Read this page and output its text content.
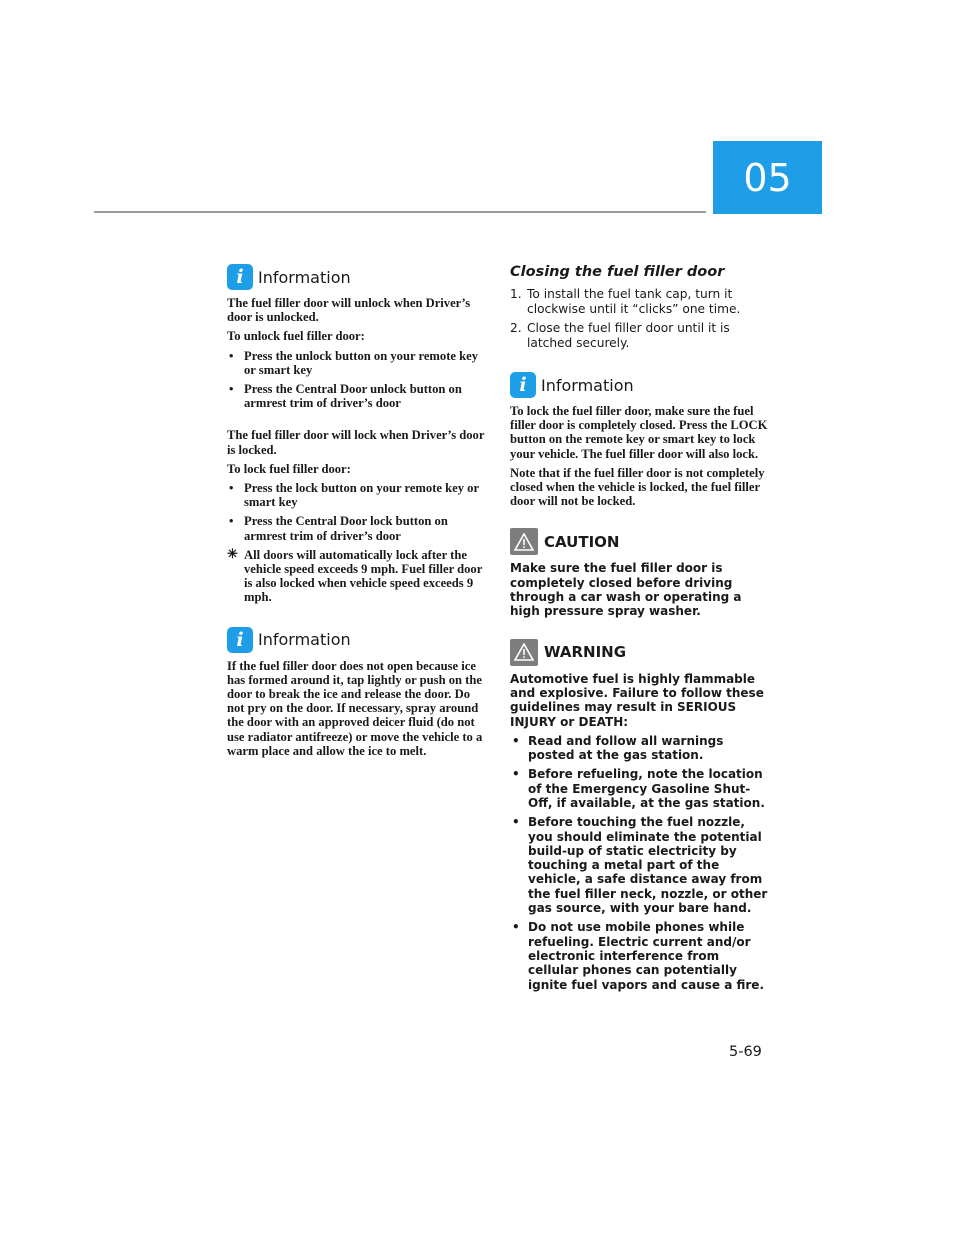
05
i Information

The fuel filler door will unlock when Driver’s door is unlocked.

To unlock fuel filler door:

• Press the unlock button on your remote key or smart key
• Press the Central Door unlock button on armrest trim of driver’s door

The fuel filler door will lock when Driver’s door is locked.

To lock fuel filler door:

• Press the lock button on your remote key or smart key
• Press the Central Door lock button on armrest trim of driver’s door
✳ All doors will automatically lock after the vehicle speed exceeds 9 mph. Fuel filler door is also locked when vehicle speed exceeds 9 mph.
i Information

If the fuel filler door does not open because ice has formed around it, tap lightly or push on the door to break the ice and release the door. Do not pry on the door. If necessary, spray around the door with an approved deicer fluid (do not use radiator antifreeze) or move the vehicle to a warm place and allow the ice to melt.

Closing the fuel filler door
1. To install the fuel tank cap, turn it clockwise until it “clicks” one time.
2. Close the fuel filler door until it is latched securely.
i Information

To lock the fuel filler door, make sure the fuel filler door is completely closed. Press the LOCK button on the remote key or smart key to lock your vehicle. The fuel filler door will also lock.

Note that if the fuel filler door is not completely closed when the vehicle is locked, the fuel filler door will not be locked.

CAUTION

Make sure the fuel filler door is completely closed before driving through a car wash or operating a high pressure spray washer.

WARNING

Automotive fuel is highly flammable and explosive. Failure to follow these guidelines may result in SERIOUS INJURY or DEATH:

• Read and follow all warnings posted at the gas station.
• Before refueling, note the location of the Emergency Gasoline Shut-Off, if available, at the gas station.
• Before touching the fuel nozzle, you should eliminate the potential build-up of static electricity by touching a metal part of the vehicle, a safe distance away from the fuel filler neck, nozzle, or other gas source, with your bare hand.
• Do not use mobile phones while refueling. Electric current and/or electronic interference from cellular phones can potentially ignite fuel vapors and cause a fire.
5-69
